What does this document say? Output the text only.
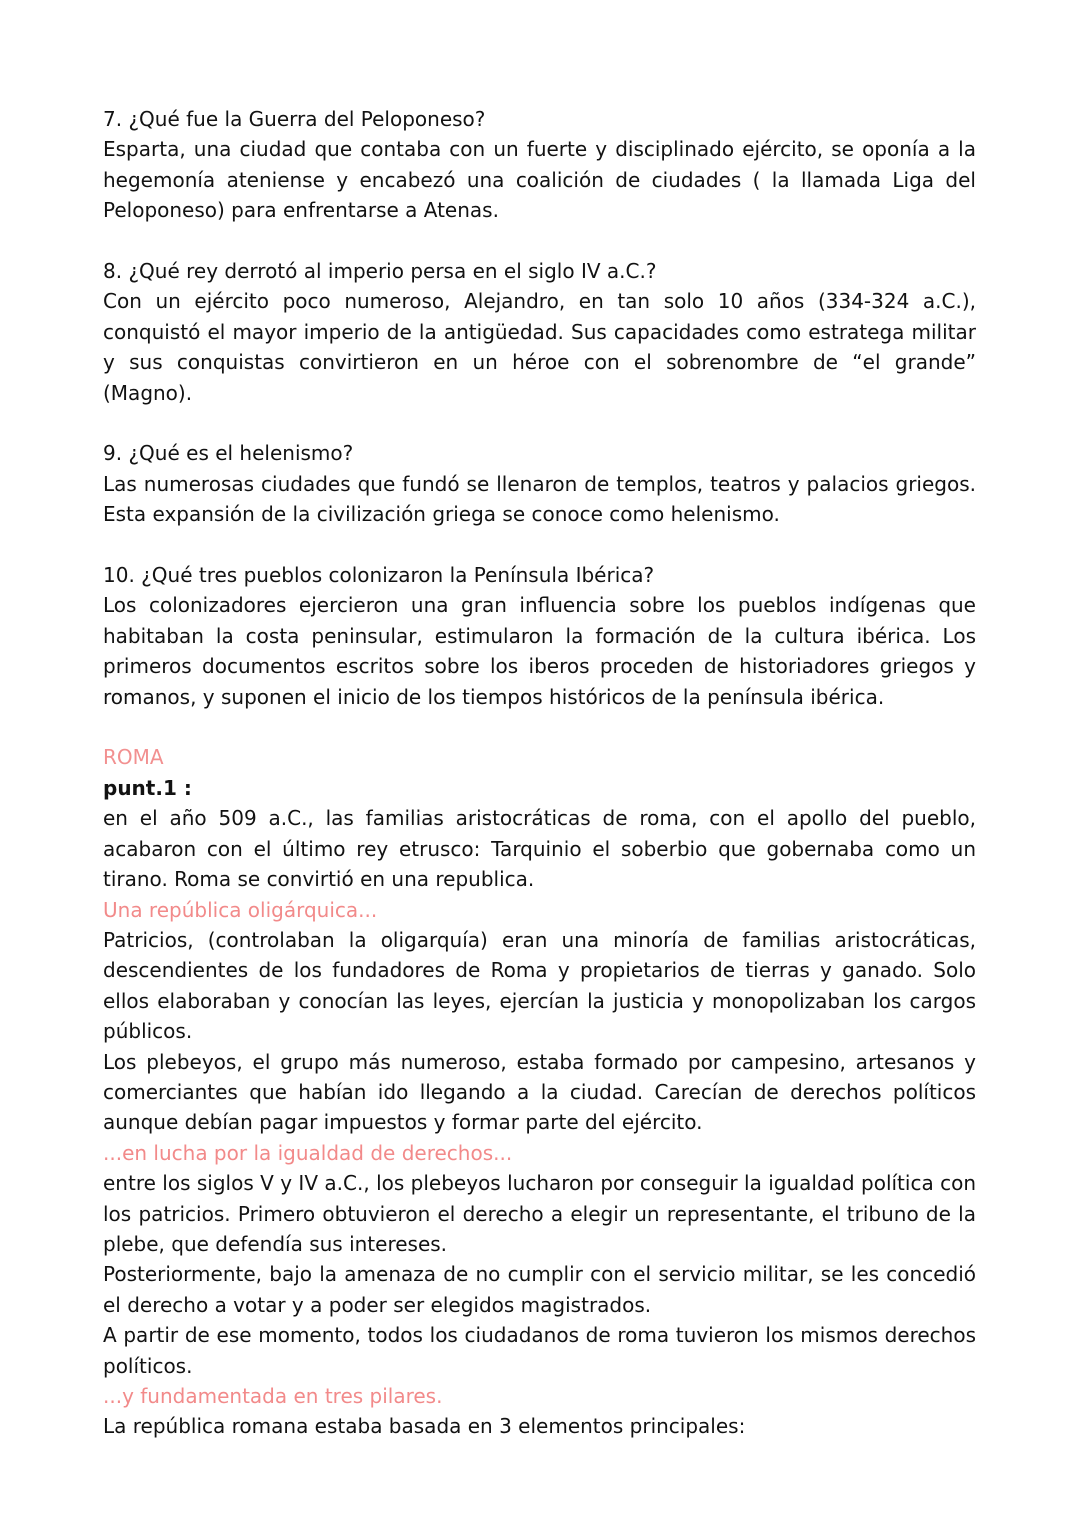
7. ¿Qué fue la Guerra del Peloponeso?

Esparta, una ciudad que contaba con un fuerte y disciplinado ejército, se oponía a la hegemonía ateniense y encabezó una coalición de ciudades ( la llamada Liga del Peloponeso) para enfrentarse a Atenas.

8. ¿Qué rey derrotó al imperio persa en el siglo IV a.C.?

Con un ejército poco numeroso, Alejandro, en tan solo 10 años (334-324 a.C.), conquistó el mayor imperio de la antigüedad. Sus capacidades como estratega militar y sus conquistas convirtieron en un héroe con el sobrenombre de “el grande” (Magno).

9. ¿Qué es el helenismo?

Las numerosas ciudades que fundó se llenaron de templos, teatros y palacios griegos. Esta expansión de la civilización griega se conoce como helenismo.

10. ¿Qué tres pueblos colonizaron la Península Ibérica?

Los colonizadores ejercieron una gran influencia sobre los pueblos indígenas que habitaban la costa peninsular, estimularon la formación de la cultura ibérica. Los primeros documentos escritos sobre los iberos proceden de historiadores griegos y romanos, y suponen el inicio de los tiempos históricos de la península ibérica.

ROMA

punt.1 :

en el año 509 a.C., las familias aristocráticas de roma, con el apollo del pueblo, acabaron con el último rey etrusco: Tarquinio el soberbio que gobernaba como un tirano. Roma se convirtió en una republica.

Una república oligárquica...

Patricios, (controlaban la oligarquía) eran una minoría de familias aristocráticas, descendientes de los fundadores de Roma y propietarios de tierras y ganado. Solo ellos elaboraban y conocían las leyes, ejercían la justicia y monopolizaban los cargos públicos.

Los plebeyos, el grupo más numeroso, estaba formado por campesino, artesanos y comerciantes que habían ido llegando a la ciudad. Carecían de derechos políticos aunque debían pagar impuestos y formar parte del ejército.

...en lucha por la igualdad de derechos...

entre los siglos V y IV a.C., los plebeyos lucharon por conseguir la igualdad política con los patricios. Primero obtuvieron el derecho a elegir un representante, el tribuno de la plebe, que defendía sus intereses.

Posteriormente, bajo la amenaza de no cumplir con el servicio militar, se les concedió el derecho a votar y a poder ser elegidos magistrados.

A partir de ese momento, todos los ciudadanos de roma tuvieron los mismos derechos políticos.

...y fundamentada en tres pilares.

La república romana estaba basada en 3 elementos principales:
